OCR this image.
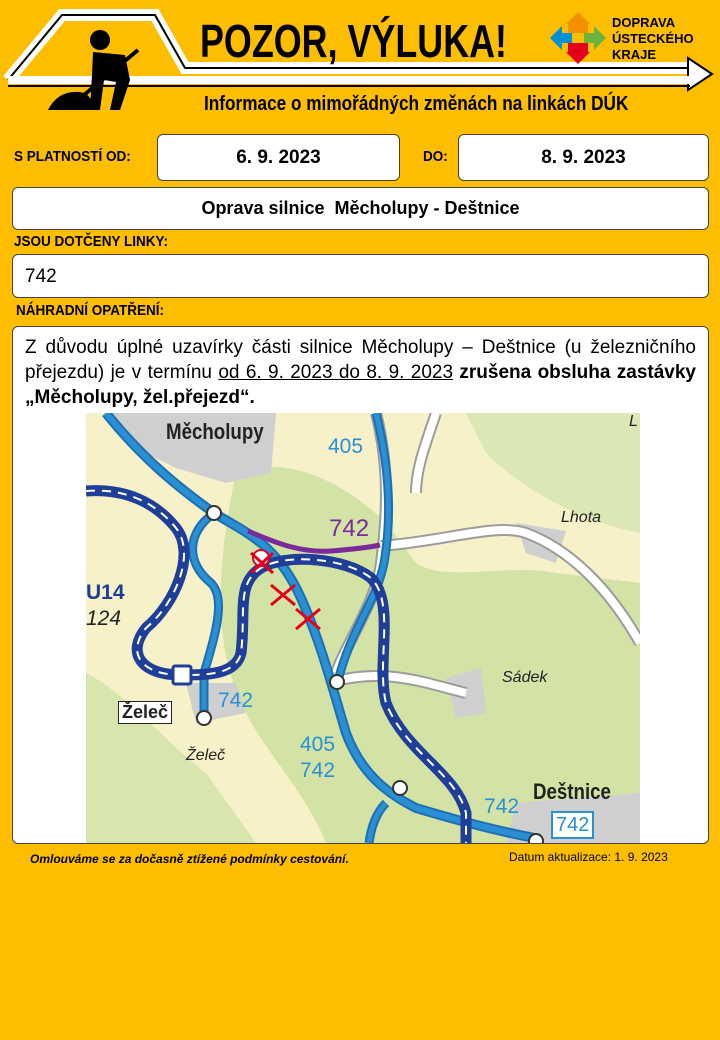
POZOR, VÝLUKA!
Informace o mimořádných změnách na linkách DÚK
DOPRAVA
ÚSTECKÉHO
KRAJE
S PLATNOSTÍ OD:	6. 9. 2023	DO:	8. 9. 2023
Oprava silnice  Měcholupy - Deštnice
JSOU DOTČENY LINKY:
742
NÁHRADNÍ OPATŘENÍ:
Z důvodu úplné uzavírky části silnice Měcholupy – Deštnice (u železničního přejezdu) je v termínu od 6. 9. 2023 do 8. 9. 2023 zrušena obsluha zastávky „Měcholupy, žel.přejezd“.
Měcholupy	L
Lhota
Sádek
Želeč
Želeč
Deštnice
405
742
U14
124
742
405
742
742
742
Omlouváme se za dočasně ztížené podmínky cestování.	Datum aktualizace: 1. 9. 2023
